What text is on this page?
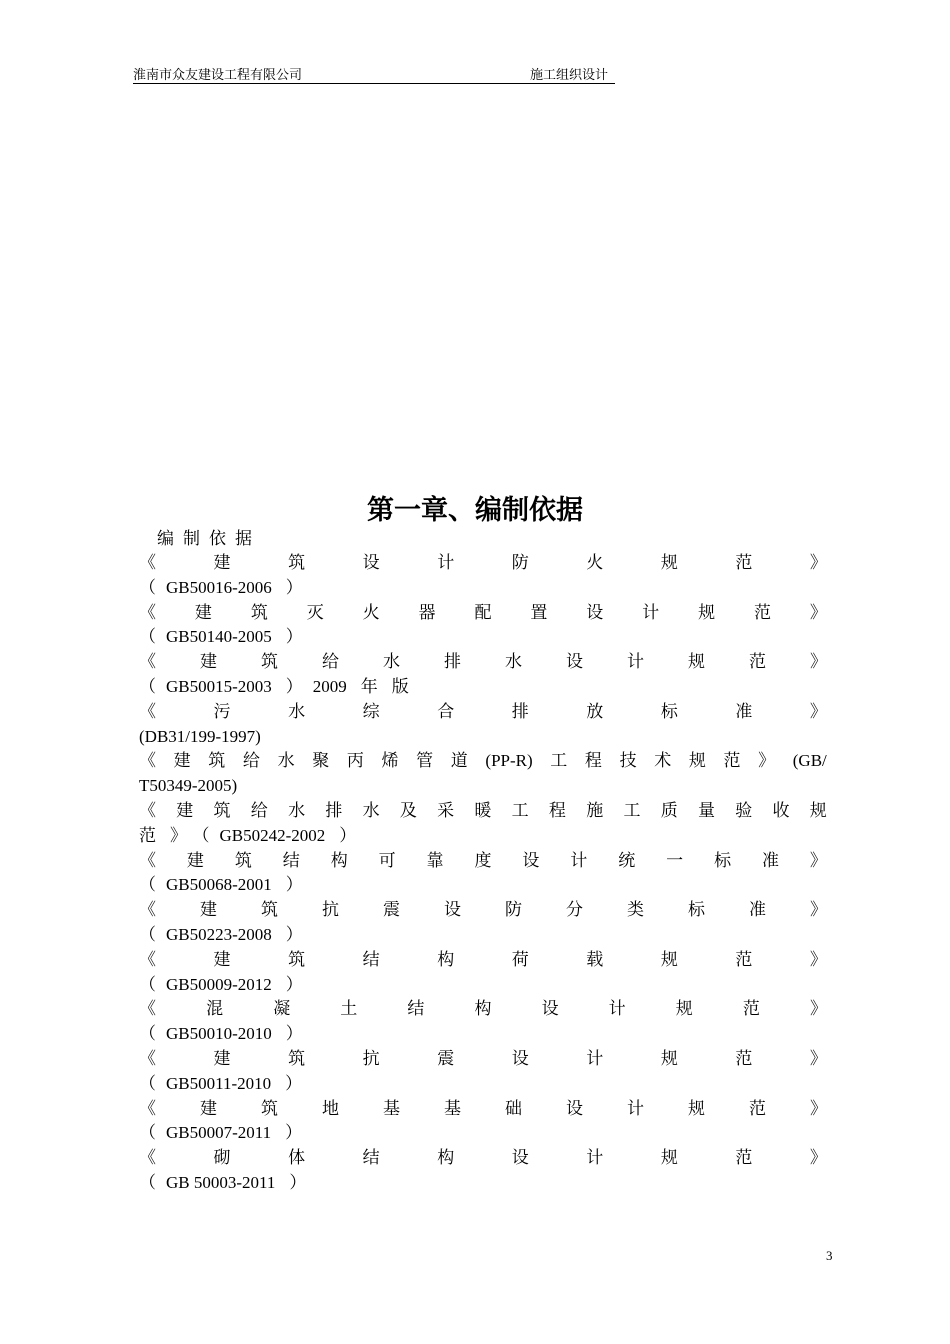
淮南市众友建设工程有限公司	施工组织设计
第一章、编制依据
编制依据
《	建	筑	设	计	防	火	规	范	》
（ GB50016-2006 ）
《 建 筑 灭 火 器 配 置 设 计 规 范 》
（ GB50140-2005 ）
《	建	筑	给	水	排	水	设	计	规	范	》
（ GB50015-2003 ） 2009 年 版
《	污	水	综	合	排	放	标	准	》
(DB31/199-1997)
《 建 筑 给 水 聚 丙 烯 管 道 (PP-R) 工 程 技 术 规 范 》 (GB/
T50349-2005)
《 建 筑 给 水 排 水 及 采 暖 工 程 施 工 质 量 验 收 规
范 》 （ GB50242-2002 ）
《 建 筑 结 构 可 靠 度 设 计 统 一 标 准 》
（ GB50068-2001 ）
《	建	筑	抗	震	设	防	分	类	标	准	》
（ GB50223-2008 ）
《	建	筑	结	构	荷	载	规	范	》
（ GB50009-2012 ）
《	混	凝	土	结	构	设	计	规	范	》
（ GB50010-2010 ）
《	建	筑	抗	震	设	计	规	范	》
（ GB50011-2010 ）
《	建	筑	地	基	基	础	设	计	规	范	》
（ GB50007-2011 ）
《	砌	体	结	构	设	计	规	范	》
（ GB 50003-2011 ）
3
